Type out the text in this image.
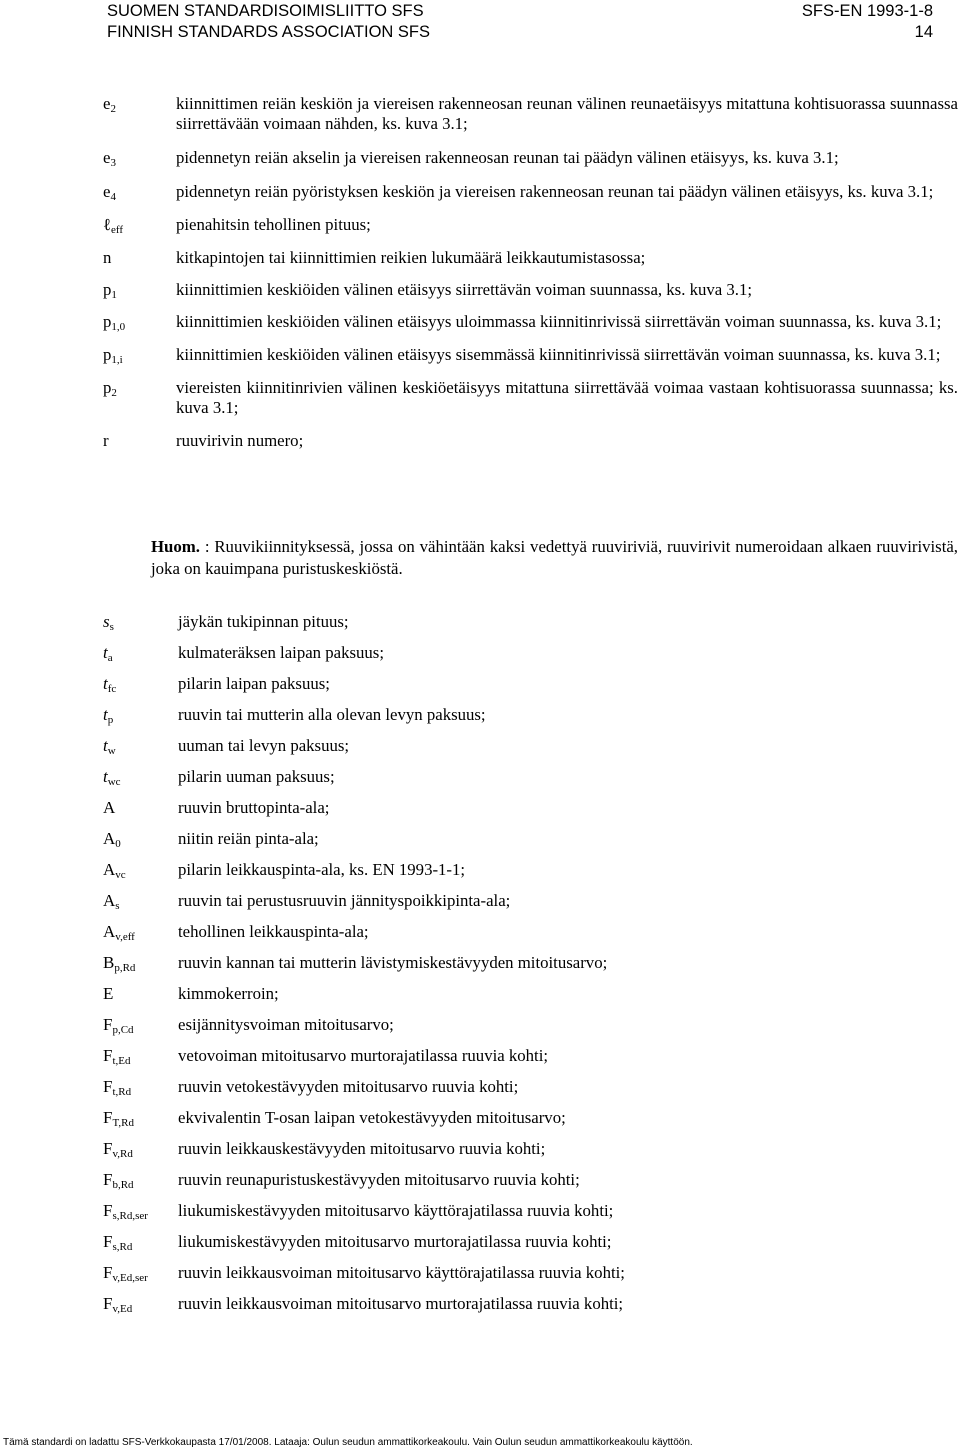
SUOMEN STANDARDISOIMISLIITTO SFS	SFS-EN 1993-1-8
FINNISH STANDARDS ASSOCIATION SFS	14
$e_2$	kiinnittimen reiän keskiön ja viereisen rakenneosan reunan välinen reunaetäisyys mitattuna kohtisuorassa suunnassa siirrettävään voimaan nähden, ks. kuva 3.1;
$e_3$	pidennetyn reiän akselin ja viereisen rakenneosan reunan tai päädyn välinen etäisyys, ks. kuva 3.1;
$e_4$	pidennetyn reiän pyöristyksen keskiön ja viereisen rakenneosan reunan tai päädyn välinen etäisyys, ks. kuva 3.1;
ℓ$_{eff}$	pienahitsin tehollinen pituus;
n	kitkapintojen tai kiinnittimien reikien lukumäärä leikkautumistasossa;
$p_1$	kiinnittimien keskiöiden välinen etäisyys siirrettävän voiman suunnassa, ks. kuva 3.1;
$p_{1,0}$	kiinnittimien keskiöiden välinen etäisyys uloimmassa kiinnitinrivissä siirrettävän voiman suunnassa, ks. kuva 3.1;
$p_{1,i}$	kiinnittimien keskiöiden välinen etäisyys sisemmässä kiinnitinrivissä siirrettävän voiman suunnassa, ks. kuva 3.1;
$p_2$	viereisten kiinnitinrivien välinen keskiöetäisyys mitattuna siirrettävää voimaa vastaan kohtisuorassa suunnassa; ks. kuva 3.1;
r	ruuvirivin numero;
Huom. : Ruuvikiinnityksessä, jossa on vähintään kaksi vedettyä ruuviriviä, ruuvirivit numeroidaan alkaen ruuvirivistä, joka on kauimpana puristuskeskiöstä.
$s_s$	jäykän tukipinnan pituus;
$t_a$	kulmateräksen laipan paksuus;
$t_{fc}$	pilarin laipan paksuus;
$t_p$	ruuvin tai mutterin alla olevan levyn paksuus;
$t_w$	uuman tai levyn paksuus;
$t_{wc}$	pilarin uuman paksuus;
A	ruuvin bruttopinta-ala;
$A_0$	niitin reiän pinta-ala;
$A_{vc}$	pilarin leikkauspinta-ala, ks. EN 1993-1-1;
$A_s$	ruuvin tai perustusruuvin jännityspoikkipinta-ala;
$A_{v,eff}$	tehollinen leikkauspinta-ala;
$B_{p,Rd}$	ruuvin kannan tai mutterin lävistymiskestävyyden mitoitusarvo;
E	kimmokerroin;
$F_{p,Cd}$	esijännitysvoiman mitoitusarvo;
$F_{t,Ed}$	vetovoiman mitoitusarvo murtorajatilassa ruuvia kohti;
$F_{t,Rd}$	ruuvin vetokestävyyden mitoitusarvo ruuvia kohti;
$F_{T,Rd}$	ekvivalentin T-osan laipan vetokestävyyden mitoitusarvo;
$F_{v,Rd}$	ruuvin leikkauskestävyyden mitoitusarvo ruuvia kohti;
$F_{b,Rd}$	ruuvin reunapuristuskestävyyden mitoitusarvo ruuvia kohti;
$F_{s,Rd,ser}$	liukumiskestävyyden mitoitusarvo käyttörajatilassa ruuvia kohti;
$F_{s,Rd}$	liukumiskestävyyden mitoitusarvo murtorajatilassa ruuvia kohti;
$F_{v,Ed,ser}$	ruuvin leikkausvoiman mitoitusarvo käyttörajatilassa ruuvia kohti;
$F_{v,Ed}$	ruuvin leikkausvoiman mitoitusarvo murtorajatilassa ruuvia kohti;
Tämä standardi on ladattu SFS-Verkkokaupasta 17/01/2008. Lataaja: Oulun seudun ammattikorkeakoulu. Vain Oulun seudun ammattikorkeakoulu käyttöön.
